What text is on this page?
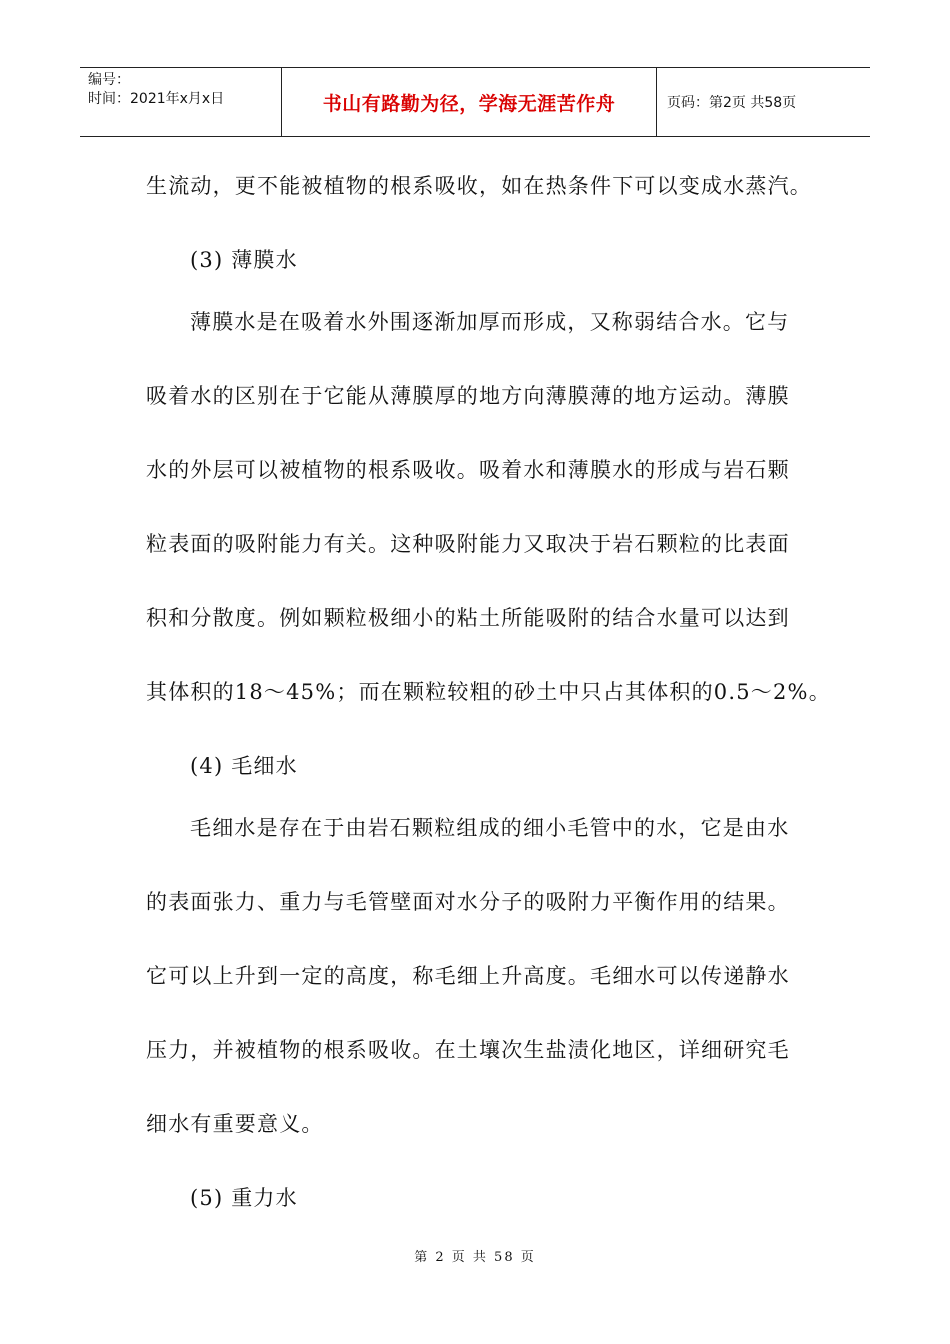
编号：
时间：2021年x月x日	书山有路勤为径，学海无涯苦作舟	页码：第2页 共58页
生流动，更不能被植物的根系吸收，如在热条件下可以变成水蒸汽。
(3) 薄膜水
薄膜水是在吸着水外围逐渐加厚而形成，又称弱结合水。它与
吸着水的区别在于它能从薄膜厚的地方向薄膜薄的地方运动。薄膜
水的外层可以被植物的根系吸收。吸着水和薄膜水的形成与岩石颗
粒表面的吸附能力有关。这种吸附能力又取决于岩石颗粒的比表面
积和分散度。例如颗粒极细小的粘土所能吸附的结合水量可以达到
其体积的18～45%；而在颗粒较粗的砂土中只占其体积的0.5～2%。
(4) 毛细水
毛细水是存在于由岩石颗粒组成的细小毛管中的水，它是由水
的表面张力、重力与毛管壁面对水分子的吸附力平衡作用的结果。
它可以上升到一定的高度，称毛细上升高度。毛细水可以传递静水
压力，并被植物的根系吸收。在土壤次生盐渍化地区，详细研究毛
细水有重要意义。
(5) 重力水
第 2 页 共 58 页
